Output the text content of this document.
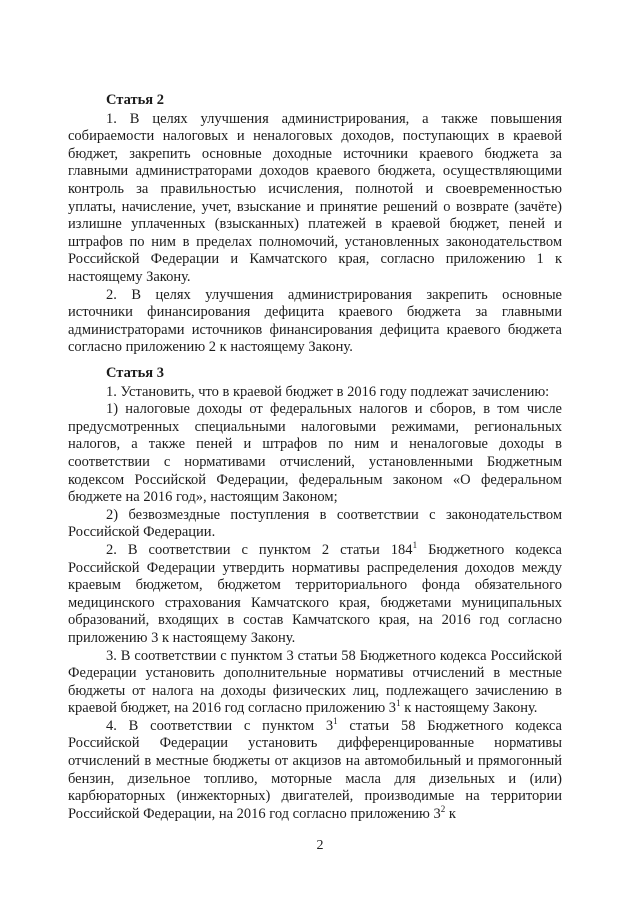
Статья 2

1. В целях улучшения администрирования, а также повышения собираемости налоговых и неналоговых доходов, поступающих в краевой бюджет, закрепить основные доходные источники краевого бюджета за главными администраторами доходов краевого бюджета, осуществляющими контроль за правильностью исчисления, полнотой и своевременностью уплаты, начисление, учет, взыскание и принятие решений о возврате (зачёте) излишне уплаченных (взысканных) платежей в краевой бюджет, пеней и штрафов по ним в пределах полномочий, установленных законодательством Российской Федерации и Камчатского края, согласно приложению 1 к настоящему Закону.

2. В целях улучшения администрирования закрепить основные источники финансирования дефицита краевого бюджета за главными администраторами источников финансирования дефицита краевого бюджета согласно приложению 2 к настоящему Закону.

Статья 3

1. Установить, что в краевой бюджет в 2016 году подлежат зачислению:

1) налоговые доходы от федеральных налогов и сборов, в том числе предусмотренных специальными налоговыми режимами, региональных налогов, а также пеней и штрафов по ним и неналоговые доходы в соответствии с нормативами отчислений, установленными Бюджетным кодексом Российской Федерации, федеральным законом «О федеральном бюджете на 2016 год», настоящим Законом;

2) безвозмездные поступления в соответствии с законодательством Российской Федерации.

2. В соответствии с пунктом 2 статьи $184^1$ Бюджетного кодекса Российской Федерации утвердить нормативы распределения доходов между краевым бюджетом, бюджетом территориального фонда обязательного медицинского страхования Камчатского края, бюджетами муниципальных образований, входящих в состав Камчатского края, на 2016 год согласно приложению 3 к настоящему Закону.

3. В соответствии с пунктом 3 статьи 58 Бюджетного кодекса Российской Федерации установить дополнительные нормативы отчислений в местные бюджеты от налога на доходы физических лиц, подлежащего зачислению в краевой бюджет, на 2016 год согласно приложению $3^1$ к настоящему Закону.

4. В соответствии с пунктом $3^1$ статьи 58 Бюджетного кодекса Российской Федерации установить дифференцированные нормативы отчислений в местные бюджеты от акцизов на автомобильный и прямогонный бензин, дизельное топливо, моторные масла для дизельных и (или) карбюраторных (инжекторных) двигателей, производимые на территории Российской Федерации, на 2016 год согласно приложению $3^2$ к

2
